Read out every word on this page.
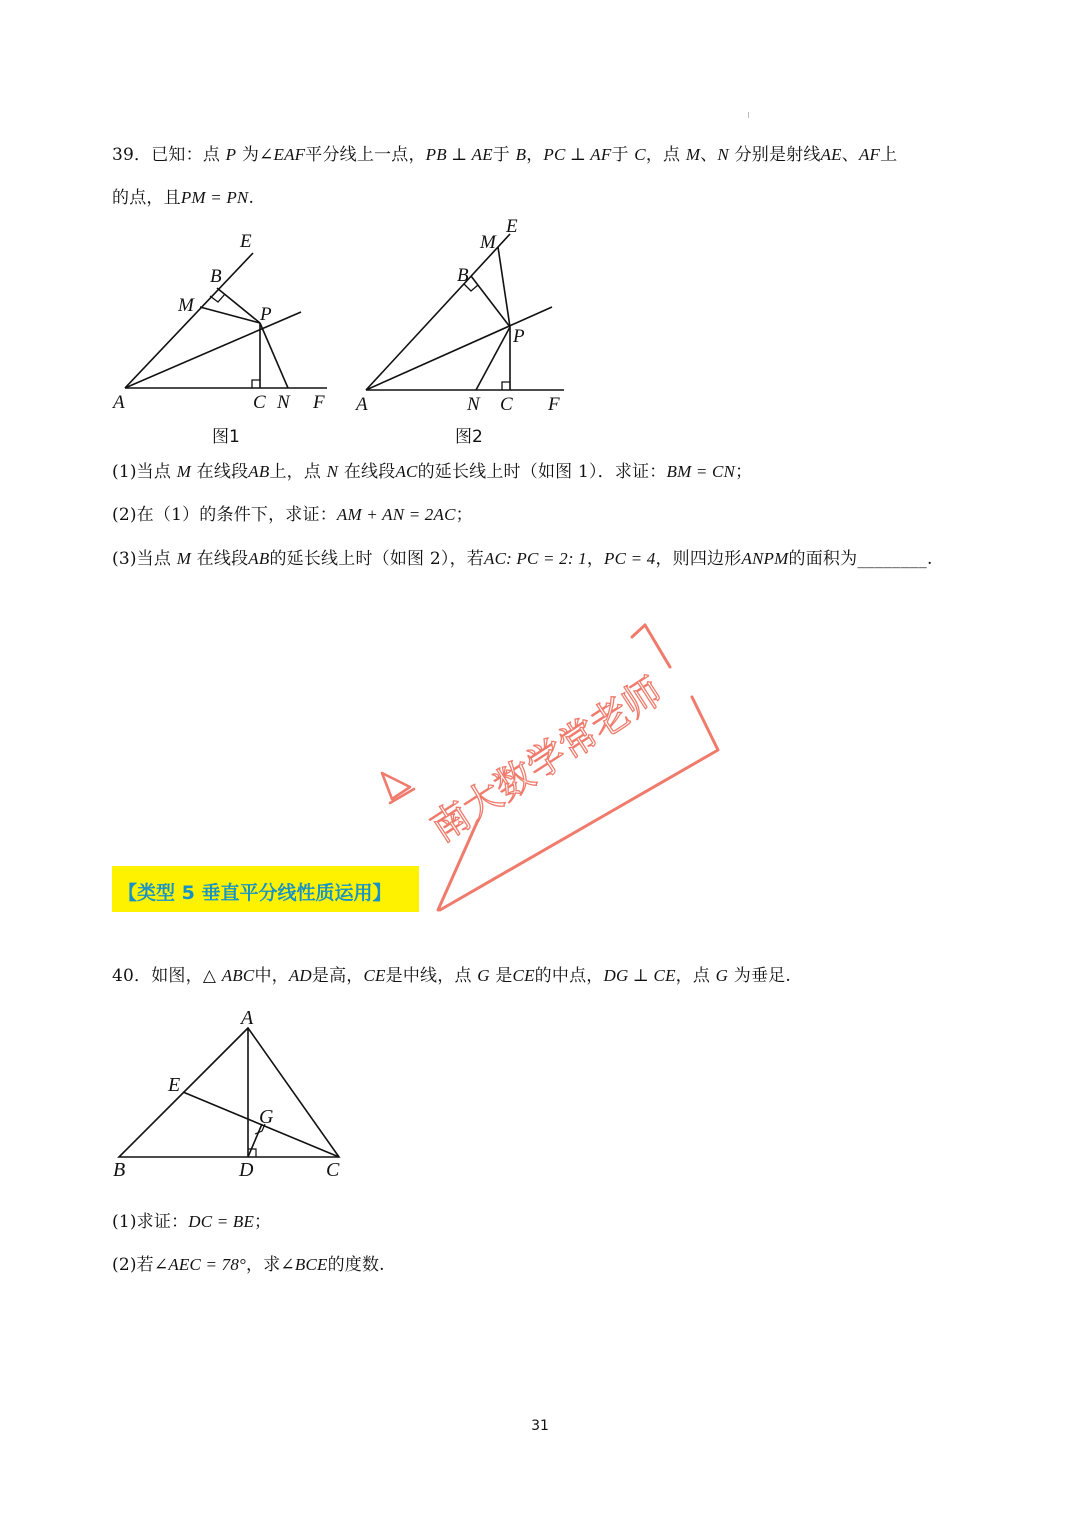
39．已知：点 P 为∠EAF平分线上一点，PB ⊥ AE于 B，PC ⊥ AF于 C，点 M、N 分别是射线AE、AF上
的点，且PM = PN.
E
B
M	P
A	C N F
图1
E
M
B
P
A	N C F
图2
(1)当点 M 在线段AB上，点 N 在线段AC的延长线上时（如图 1）．求证：BM = CN；
(2)在（1）的条件下，求证：AM + AN = 2AC；
(3)当点 M 在线段AB的延长线上时（如图 2），若AC: PC = 2: 1，PC = 4，则四边形ANPM的面积为________.
南大数学常老师
【类型 5 垂直平分线性质运用】
40．如图，△ ABC中，AD是高，CE是中线，点 G 是CE的中点，DG ⊥ CE，点 G 为垂足.
A
E
G
B	D	C
(1)求证：DC = BE；
(2)若∠AEC = 78°，求∠BCE的度数.
31
